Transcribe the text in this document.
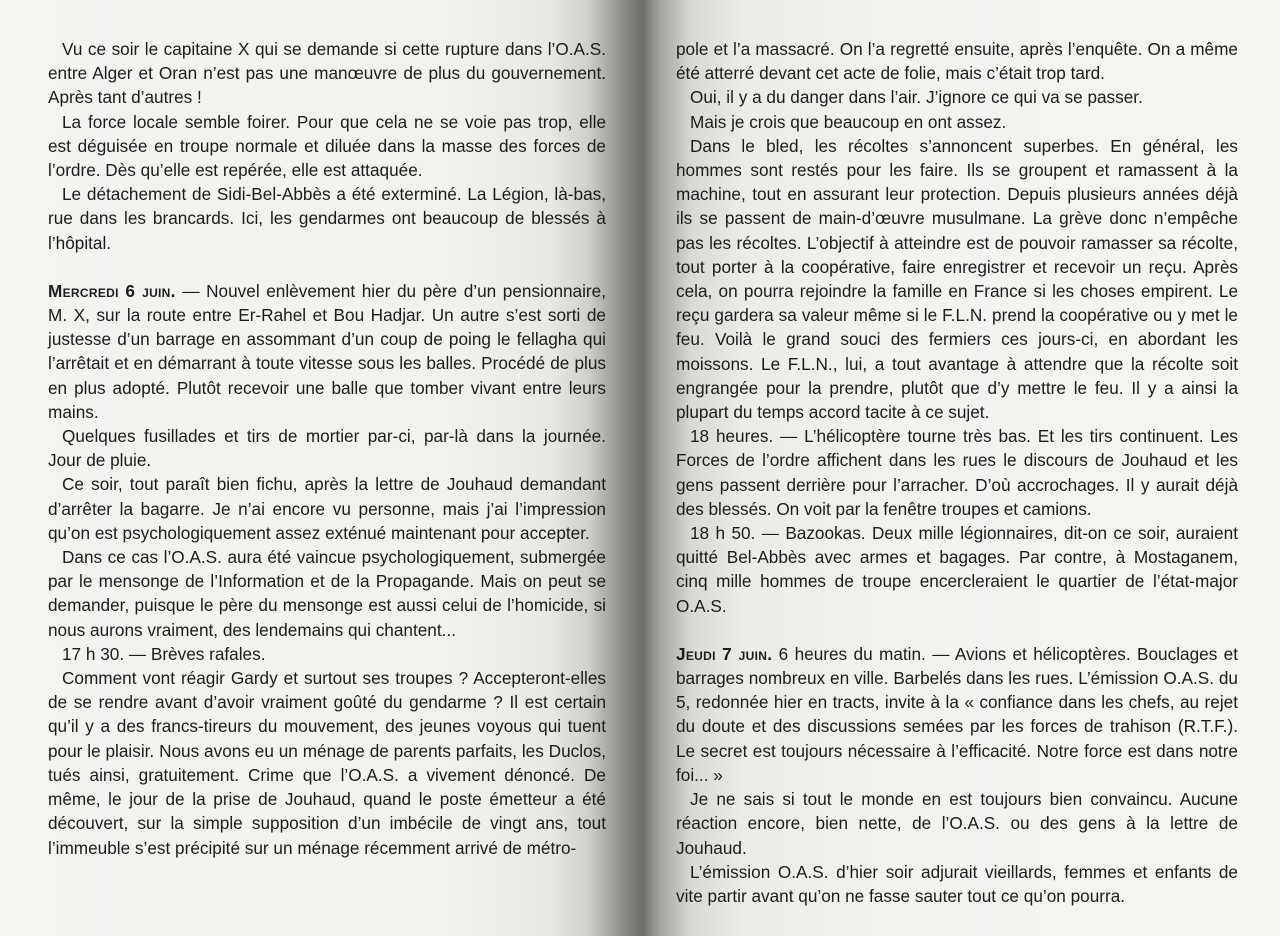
Vu ce soir le capitaine X qui se demande si cette rupture dans l’O.A.S. entre Alger et Oran n’est pas une manœuvre de plus du gouvernement. Après tant d’autres !

La force locale semble foirer. Pour que cela ne se voie pas trop, elle est déguisée en troupe normale et diluée dans la masse des forces de l’ordre. Dès qu’elle est repérée, elle est attaquée.

Le détachement de Sidi-Bel-Abbès a été exterminé. La Légion, là-bas, rue dans les brancards. Ici, les gendarmes ont beaucoup de blessés à l’hôpital.

Mercredi 6 juin. — Nouvel enlèvement hier du père d’un pensionnaire, M. X, sur la route entre Er-Rahel et Bou Hadjar. Un autre s’est sorti de justesse d’un barrage en assommant d’un coup de poing le fellagha qui l’arrêtait et en démarrant à toute vitesse sous les balles. Procédé de plus en plus adopté. Plutôt recevoir une balle que tomber vivant entre leurs mains.

Quelques fusillades et tirs de mortier par-ci, par-là dans la journée. Jour de pluie.

Ce soir, tout paraît bien fichu, après la lettre de Jouhaud demandant d’arrêter la bagarre. Je n’ai encore vu personne, mais j’ai l’impression qu’on est psychologiquement assez exténué maintenant pour accepter.

Dans ce cas l’O.A.S. aura été vaincue psychologiquement, submergée par le mensonge de l’Information et de la Propagande. Mais on peut se demander, puisque le père du mensonge est aussi celui de l’homicide, si nous aurons vraiment, des lendemains qui chantent...

17 h 30. — Brèves rafales.

Comment vont réagir Gardy et surtout ses troupes ? Accepteront-elles de se rendre avant d’avoir vraiment goûté du gendarme ? Il est certain qu’il y a des francs-tireurs du mouvement, des jeunes voyous qui tuent pour le plaisir. Nous avons eu un ménage de parents parfaits, les Duclos, tués ainsi, gratuitement. Crime que l’O.A.S. a vivement dénoncé. De même, le jour de la prise de Jouhaud, quand le poste émetteur a été découvert, sur la simple supposition d’un imbécile de vingt ans, tout l’immeuble s’est précipité sur un ménage récemment arrivé de métro-

pole et l’a massacré. On l’a regretté ensuite, après l’enquête. On a même été atterré devant cet acte de folie, mais c’était trop tard.

Oui, il y a du danger dans l’air. J’ignore ce qui va se passer.

Mais je crois que beaucoup en ont assez.

Dans le bled, les récoltes s’annoncent superbes. En général, les hommes sont restés pour les faire. Ils se groupent et ramassent à la machine, tout en assurant leur protection. Depuis plusieurs années déjà ils se passent de main-d’œuvre musulmane. La grève donc n’empêche pas les récoltes. L’objectif à atteindre est de pouvoir ramasser sa récolte, tout porter à la coopérative, faire enregistrer et recevoir un reçu. Après cela, on pourra rejoindre la famille en France si les choses empirent. Le reçu gardera sa valeur même si le F.L.N. prend la coopérative ou y met le feu. Voilà le grand souci des fermiers ces jours-ci, en abordant les moissons. Le F.L.N., lui, a tout avantage à attendre que la récolte soit engrangée pour la prendre, plutôt que d’y mettre le feu. Il y a ainsi la plupart du temps accord tacite à ce sujet.

18 heures. — L’hélicoptère tourne très bas. Et les tirs continuent. Les Forces de l’ordre affichent dans les rues le discours de Jouhaud et les gens passent derrière pour l’arracher. D’où accrochages. Il y aurait déjà des blessés. On voit par la fenêtre troupes et camions.

18 h 50. — Bazookas. Deux mille légionnaires, dit-on ce soir, auraient quitté Bel-Abbès avec armes et bagages. Par contre, à Mostaganem, cinq mille hommes de troupe encercleraient le quartier de l’état-major O.A.S.

Jeudi 7 juin. 6 heures du matin. — Avions et hélicoptères. Bouclages et barrages nombreux en ville. Barbelés dans les rues. L’émission O.A.S. du 5, redonnée hier en tracts, invite à la « confiance dans les chefs, au rejet du doute et des discussions semées par les forces de trahison (R.T.F.). Le secret est toujours nécessaire à l’efficacité. Notre force est dans notre foi... »

Je ne sais si tout le monde en est toujours bien convaincu. Aucune réaction encore, bien nette, de l’O.A.S. ou des gens à la lettre de Jouhaud.

L’émission O.A.S. d’hier soir adjurait vieillards, femmes et enfants de vite partir avant qu’on ne fasse sauter tout ce qu’on pourra.
